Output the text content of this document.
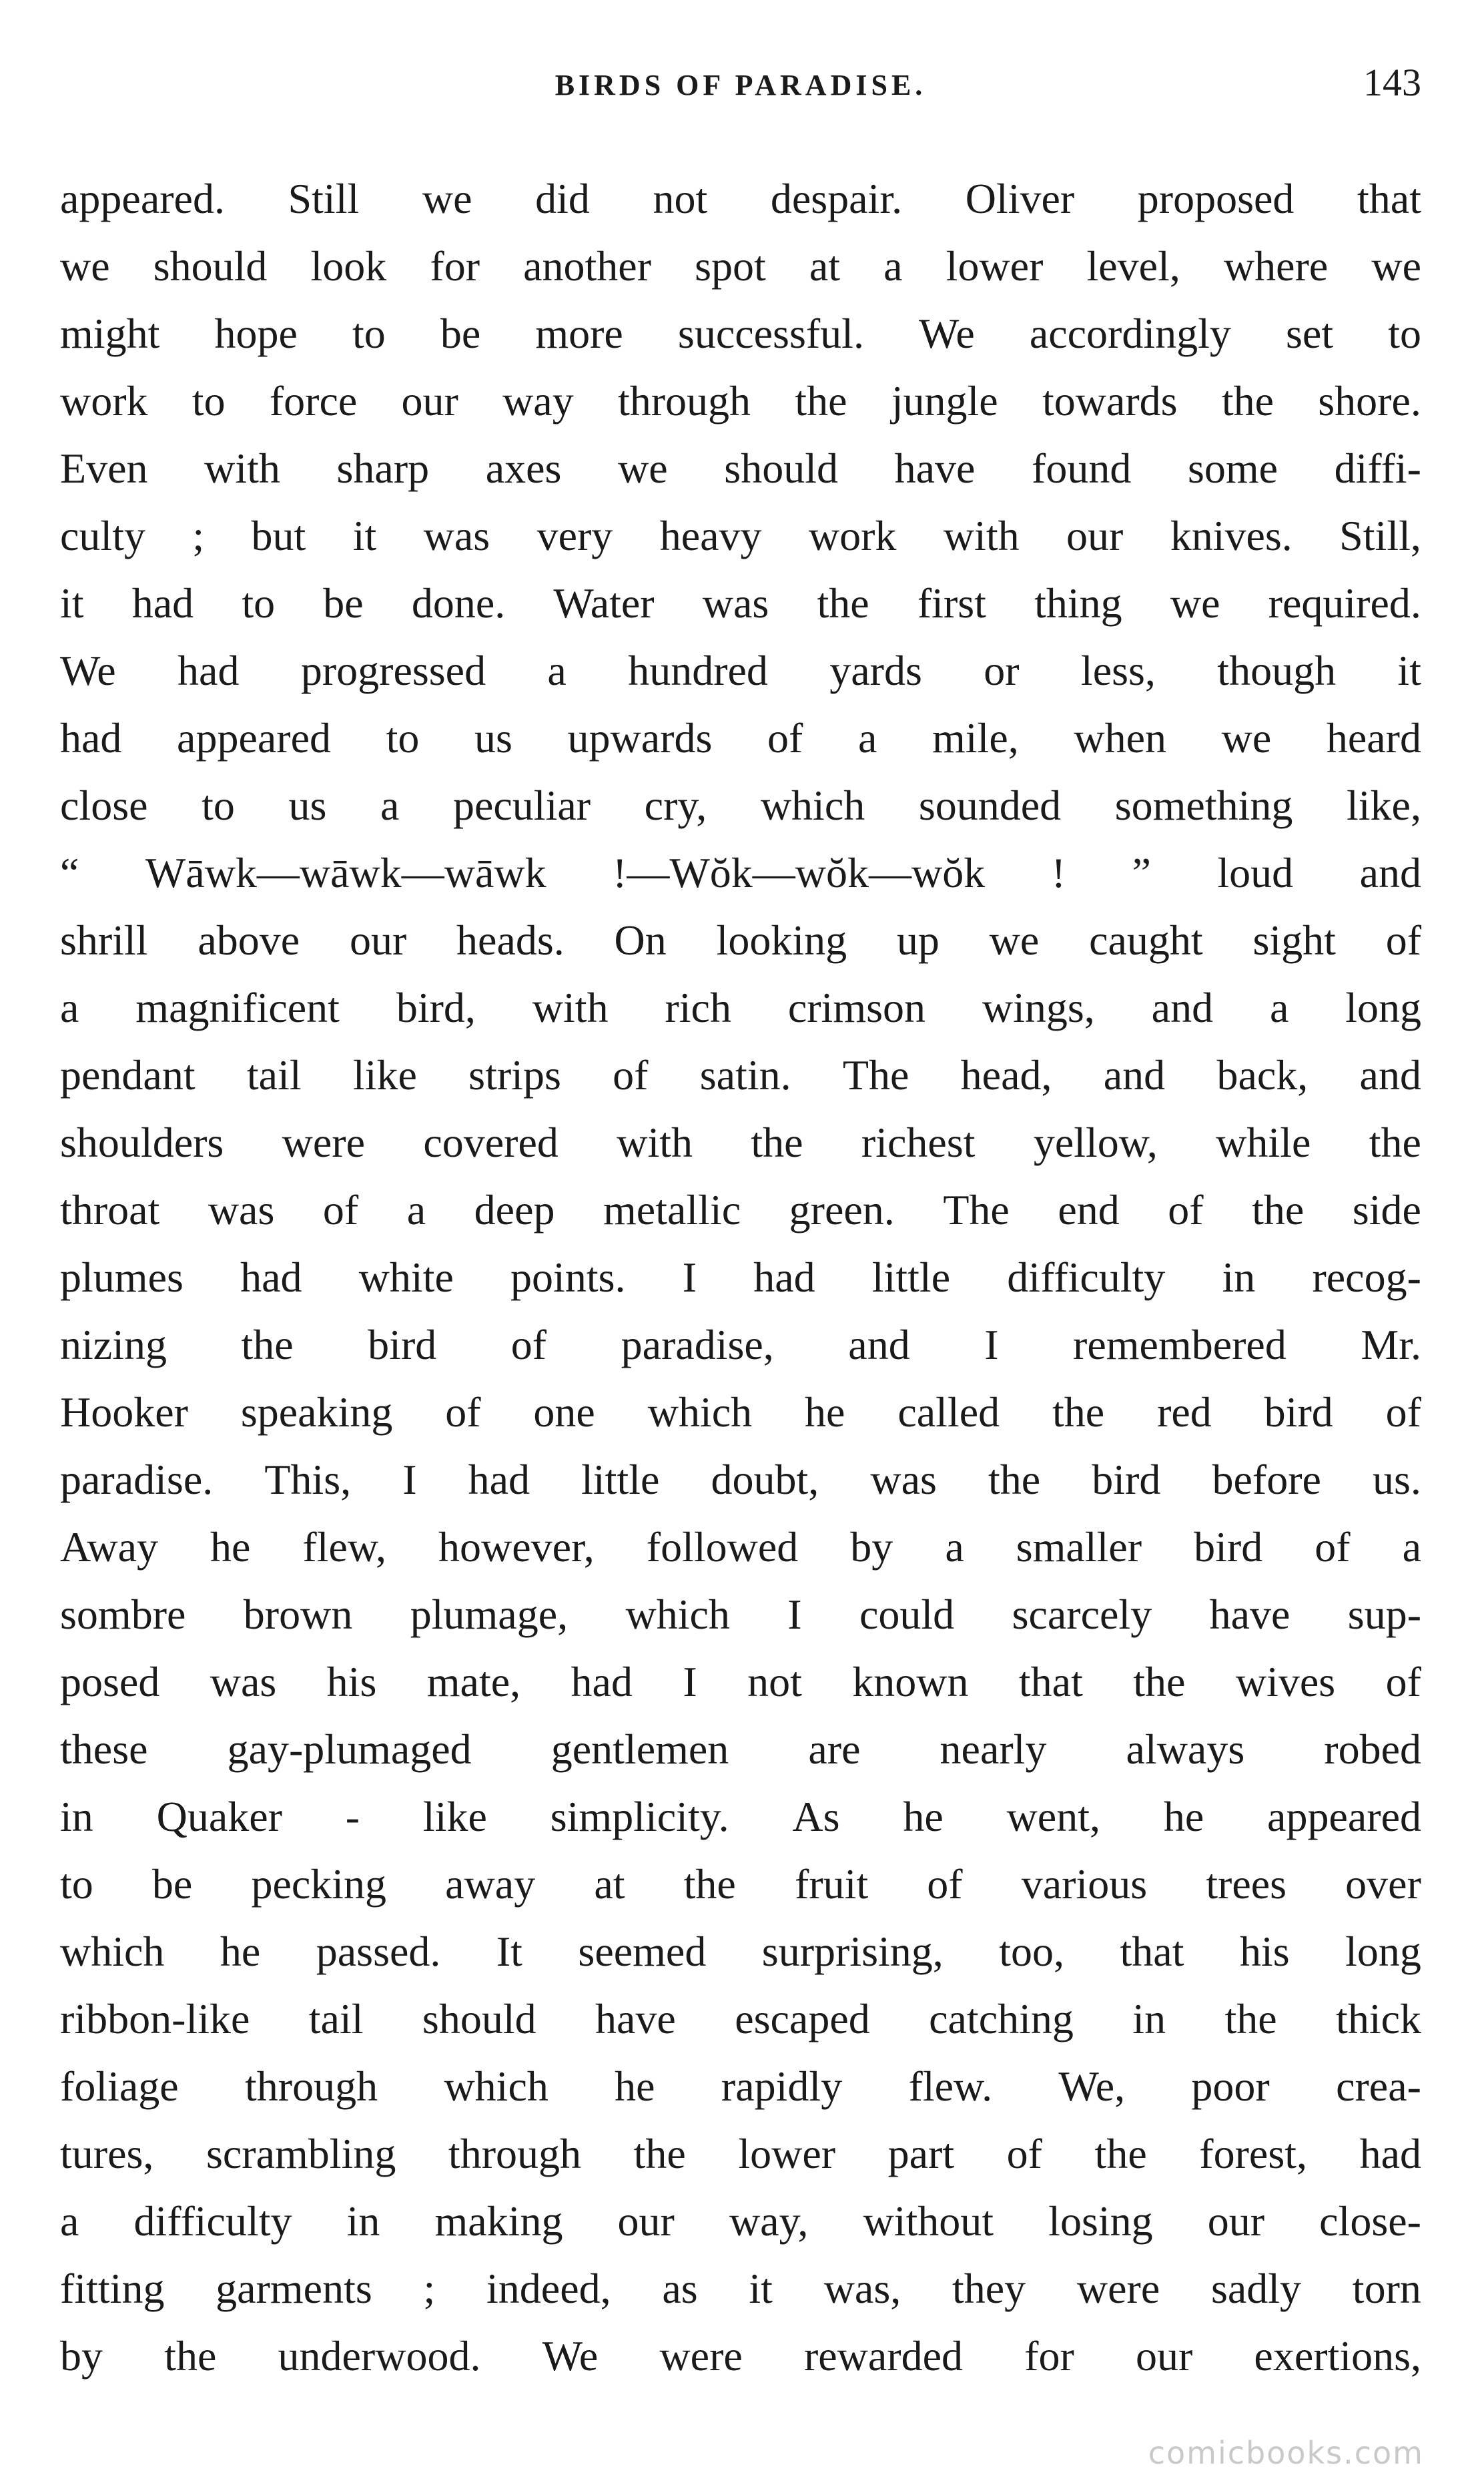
BIRDS OF PARADISE.	143
appeared. Still we did not despair. Oliver proposed that
we should look for another spot at a lower level, where we
might hope to be more successful. We accordingly set to
work to force our way through the jungle towards the shore.
Even with sharp axes we should have found some diffi-
culty ; but it was very heavy work with our knives. Still,
it had to be done. Water was the first thing we required.
We had progressed a hundred yards or less, though it
had appeared to us upwards of a mile, when we heard
close to us a peculiar cry, which sounded something like,
“ Wāwk—wāwk—wāwk !—Wŏk—wŏk—wŏk ! ” loud and
shrill above our heads. On looking up we caught sight of
a magnificent bird, with rich crimson wings, and a long
pendant tail like strips of satin. The head, and back, and
shoulders were covered with the richest yellow, while the
throat was of a deep metallic green. The end of the side
plumes had white points. I had little difficulty in recog-
nizing the bird of paradise, and I remembered Mr.
Hooker speaking of one which he called the red bird of
paradise. This, I had little doubt, was the bird before us.
Away he flew, however, followed by a smaller bird of a
sombre brown plumage, which I could scarcely have sup-
posed was his mate, had I not known that the wives of
these gay-plumaged gentlemen are nearly always robed
in Quaker - like simplicity. As he went, he appeared
to be pecking away at the fruit of various trees over
which he passed. It seemed surprising, too, that his long
ribbon-like tail should have escaped catching in the thick
foliage through which he rapidly flew. We, poor crea-
tures, scrambling through the lower part of the forest, had
a difficulty in making our way, without losing our close-
fitting garments ; indeed, as it was, they were sadly torn
by the underwood. We were rewarded for our exertions,
comicbooks.com
